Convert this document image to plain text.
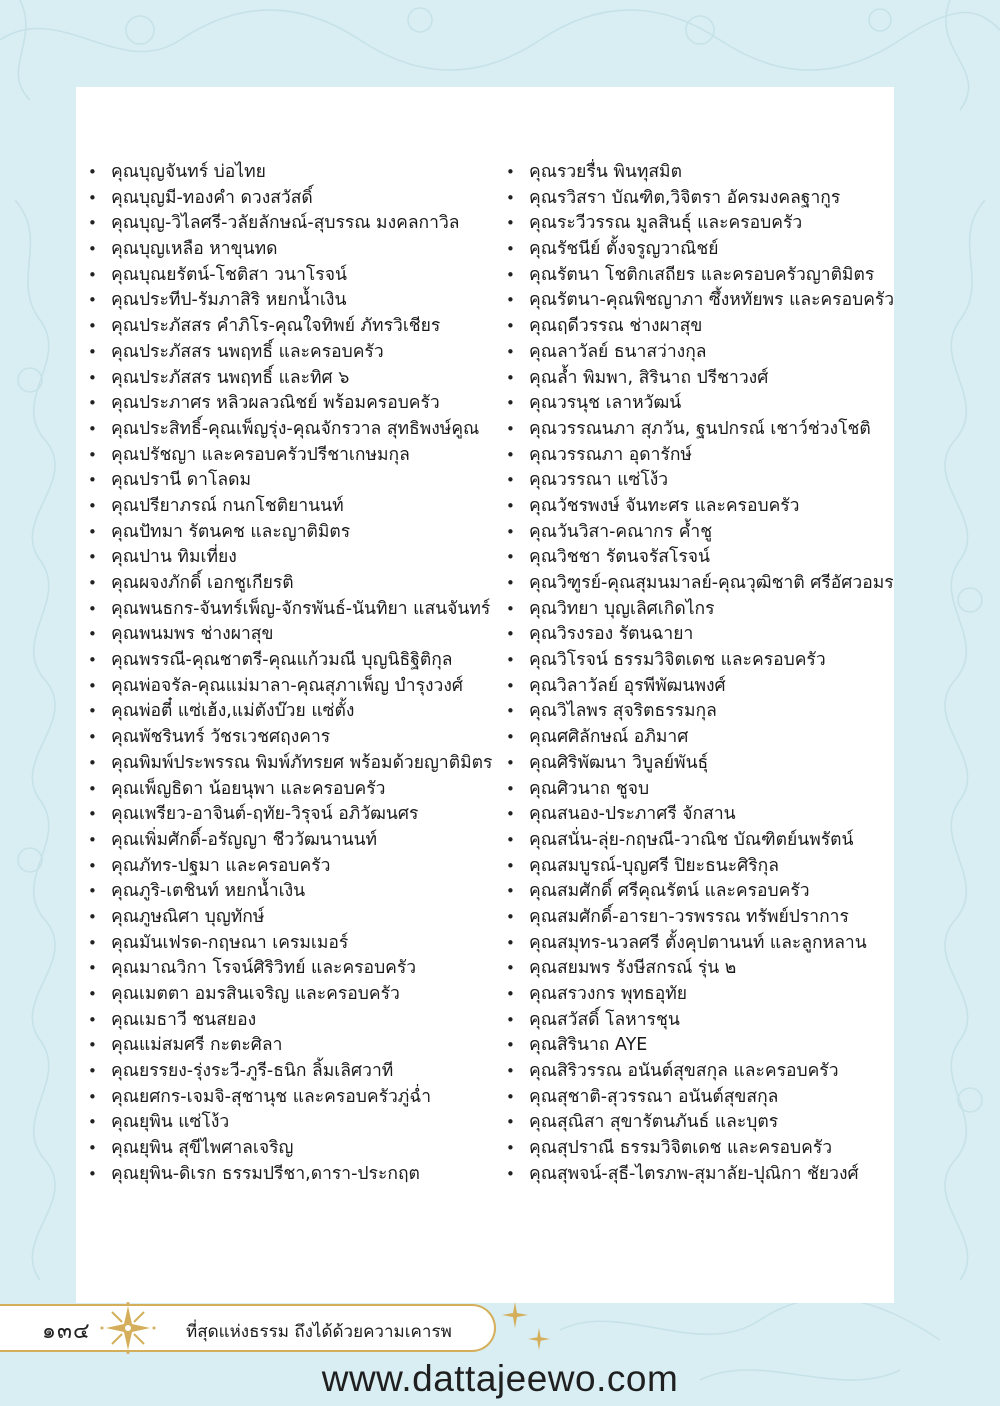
• คุณบุญจันทร์ บ่อไทย
• คุณบุญมี-ทองคำ ดวงสวัสดิ์
• คุณบุญ-วิไลศรี-วลัยลักษณ์-สุบรรณ มงคลกาวิล
• คุณบุญเหลือ หาขุนทด
• คุณบุณยรัตน์-โชติสา วนาโรจน์
• คุณประทีป-รัมภาสิริ หยกน้ำเงิน
• คุณประภัสสร คำภิโร-คุณใจทิพย์ ภัทรวิเชียร
• คุณประภัสสร นพฤทธิ์ และครอบครัว
• คุณประภัสสร นพฤทธิ์ และทิศ ๖
• คุณประภาศร หลิวผลวณิชย์ พร้อมครอบครัว
• คุณประสิทธิ์-คุณเพ็ญรุ่ง-คุณจักรวาล สุทธิพงษ์คูณ
• คุณปรัชญา และครอบครัวปรีชาเกษมกุล
• คุณปรานี ดาโลดม
• คุณปรียาภรณ์ กนกโชติยานนท์
• คุณปัทมา รัตนคช และญาติมิตร
• คุณปาน ทิมเที่ยง
• คุณผจงภักดิ์ เอกชูเกียรติ
• คุณพนธกร-จันทร์เพ็ญ-จักรพันธ์-นันทิยา แสนจันทร์
• คุณพนมพร ช่างผาสุข
• คุณพรรณี-คุณชาตรี-คุณแก้วมณี บุญนิธิฐิติกุล
• คุณพ่อจรัล-คุณแม่มาลา-คุณสุภาเพ็ญ บำรุงวงศ์
• คุณพ่อตี๋ แซ่เฮ้ง,แม่ตังบ๊วย แซ่ตั้ง
• คุณพัชรินทร์ วัชรเวชศฤงคาร
• คุณพิมพ์ประพรรณ พิมพ์ภัทรยศ พร้อมด้วยญาติมิตร
• คุณเพ็ญธิดา น้อยนุพา และครอบครัว
• คุณเพรียว-อาจินต์-ฤทัย-วิรุจน์ อภิวัฒนศร
• คุณเพิ่มศักดิ์-อรัญญา ชีววัฒนานนท์
• คุณภัทร-ปฐมา และครอบครัว
• คุณภูริ-เตชินท์ หยกน้ำเงิน
• คุณภูษณิศา บุญทักษ์
• คุณมันเฟรด-กฤษณา เครมเมอร์
• คุณมาณวิกา โรจน์ศิริวิทย์ และครอบครัว
• คุณเมตตา อมรสินเจริญ และครอบครัว
• คุณเมธาวี ชนสยอง
• คุณแม่สมศรี กะตะศิลา
• คุณยรรยง-รุ่งระวี-ภูรี-ธนิก ลิ้มเลิศวาที
• คุณยศกร-เจมจิ-สุชานุช และครอบครัวภู่ฉ่ำ
• คุณยุพิน แซ่โง้ว
• คุณยุพิน สุขีไพศาลเจริญ
• คุณยุพิน-ดิเรก ธรรมปรีชา,ดารา-ประกฤต
• คุณรวยรื่น พินทุสมิต
• คุณรวิสรา บัณฑิต,วิจิตรา อัครมงคลฐากูร
• คุณระวีวรรณ มูลสินธุ์ และครอบครัว
• คุณรัชนีย์ ตั้งจรูญวาณิชย์
• คุณรัตนา โชติกเสถียร และครอบครัวญาติมิตร
• คุณรัตนา-คุณพิชญาภา ซึ้งหทัยพร และครอบครัว
• คุณฤดีวรรณ ช่างผาสุข
• คุณลาวัลย์ ธนาสว่างกุล
• คุณล้ำ พิมพา, สิรินาถ ปรีชาวงศ์
• คุณวรนุช เลาหวัฒน์
• คุณวรรณนภา สุภวัน, ฐนปกรณ์ เชาว์ช่วงโชติ
• คุณวรรณภา อุดารักษ์
• คุณวรรณา แซ่โง้ว
• คุณวัชรพงษ์ จันทะศร และครอบครัว
• คุณวันวิสา-คณากร ค้ำชู
• คุณวิชชา รัตนจรัสโรจน์
• คุณวิฑูรย์-คุณสุมนมาลย์-คุณวุฒิชาติ ศรีอัศวอมร
• คุณวิทยา บุญเลิศเกิดไกร
• คุณวิรงรอง รัตนฉายา
• คุณวิโรจน์ ธรรมวิจิตเดช และครอบครัว
• คุณวิลาวัลย์ อุรพีพัฒนพงศ์
• คุณวิไลพร สุจริตธรรมกุล
• คุณศศิลักษณ์ อภิมาศ
• คุณศิริพัฒนา วิบูลย์พันธุ์
• คุณศิวนาถ ชูจบ
• คุณสนอง-ประภาศรี จักสาน
• คุณสนั่น-ลุ่ย-กฤษณี-วาณิช บัณฑิตย์นพรัตน์
• คุณสมบูรณ์-บุญศรี ปิยะธนะศิริกุล
• คุณสมศักดิ์ ศรีคุณรัตน์ และครอบครัว
• คุณสมศักดิ์-อารยา-วรพรรณ ทรัพย์ปราการ
• คุณสมุทร-นวลศรี ตั้งคุปตานนท์ และลูกหลาน
• คุณสยมพร รังษีสกรณ์ รุ่น ๒
• คุณสรวงกร พุทธอุทัย
• คุณสวัสดิ์ โลหารชุน
• คุณสิรินาถ AYE
• คุณสิริวรรณ อนันต์สุขสกุล และครอบครัว
• คุณสุชาติ-สุวรรณา อนันต์สุขสกุล
• คุณสุณิสา สุขารัตนภันธ์ และบุตร
• คุณสุปราณี ธรรมวิจิตเดช และครอบครัว
• คุณสุพจน์-สุธี-ไตรภพ-สุมาลัย-ปุณิกา ชัยวงศ์
๑๓๔	ที่สุดแห่งธรรม ถึงได้ด้วยความเคารพ
www.dattajeewo.com
